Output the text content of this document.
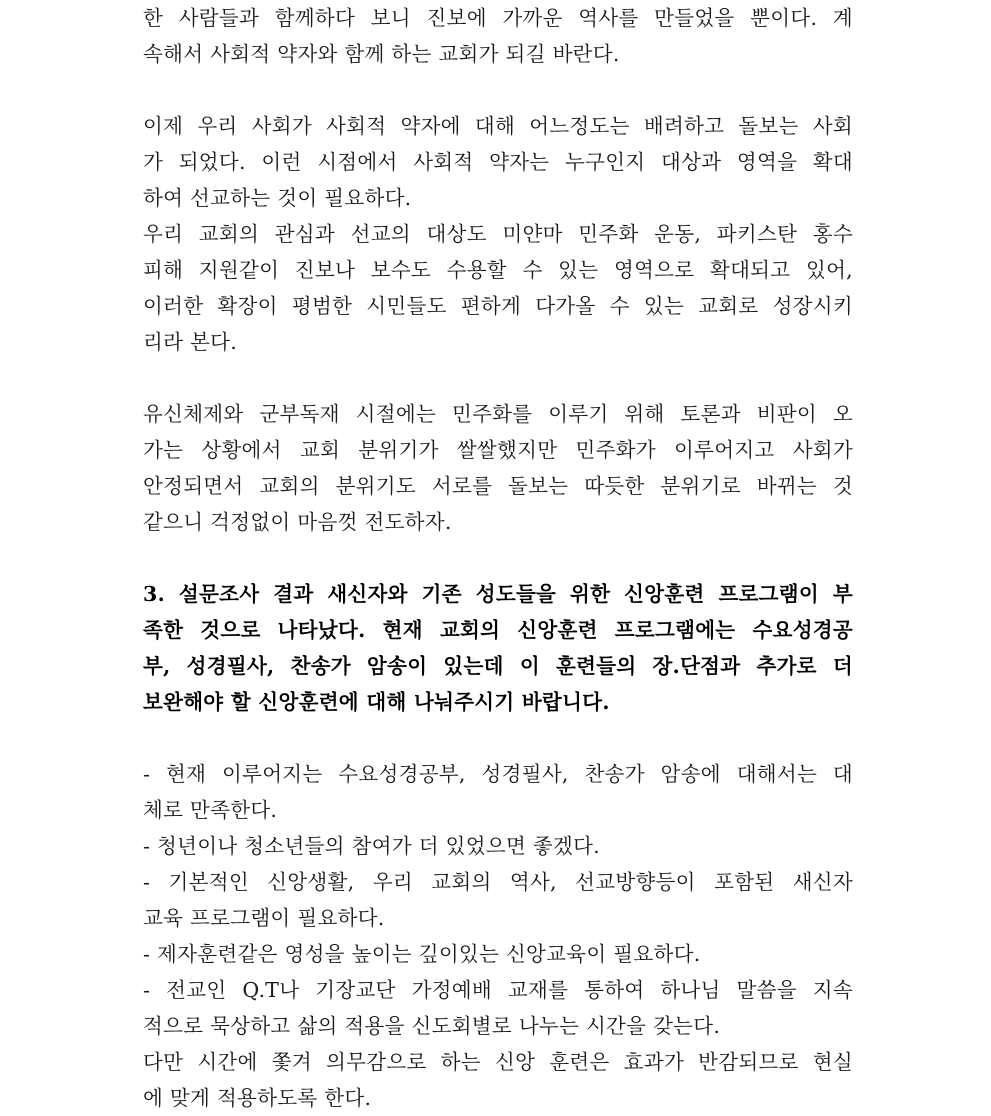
한 사람들과 함께하다 보니 진보에 가까운 역사를 만들었을 뿐이다. 계
속해서 사회적 약자와 함께 하는 교회가 되길 바란다.
이제 우리 사회가 사회적 약자에 대해 어느정도는 배려하고 돌보는 사회
가 되었다. 이런 시점에서 사회적 약자는 누구인지 대상과 영역을 확대
하여 선교하는 것이 필요하다.
우리 교회의 관심과 선교의 대상도 미얀마 민주화 운동, 파키스탄 홍수
피해 지원같이 진보나 보수도 수용할 수 있는 영역으로 확대되고 있어,
이러한 확장이 평범한 시민들도 편하게 다가올 수 있는 교회로 성장시키
리라 본다.
유신체제와 군부독재 시절에는 민주화를 이루기 위해 토론과 비판이 오
가는 상황에서 교회 분위기가 쌀쌀했지만 민주화가 이루어지고 사회가
안정되면서 교회의 분위기도 서로를 돌보는 따듯한 분위기로 바뀌는 것
같으니 걱정없이 마음껏 전도하자.
3. 설문조사 결과 새신자와 기존 성도들을 위한 신앙훈련 프로그램이 부
족한 것으로 나타났다. 현재 교회의 신앙훈련 프로그램에는 수요성경공
부, 성경필사, 찬송가 암송이 있는데 이 훈련들의 장.단점과 추가로 더
보완해야 할 신앙훈련에 대해 나눠주시기 바랍니다.
- 현재 이루어지는 수요성경공부, 성경필사, 찬송가 암송에 대해서는 대
체로 만족한다.
- 청년이나 청소년들의 참여가 더 있었으면 좋겠다.
- 기본적인 신앙생활, 우리 교회의 역사, 선교방향등이 포함된 새신자
교육 프로그램이 필요하다.
- 제자훈련같은 영성을 높이는 깊이있는 신앙교육이 필요하다.
- 전교인 Q.T나 기장교단 가정예배 교재를 통하여 하나님 말씀을 지속
적으로 묵상하고 삶의 적용을 신도회별로 나누는 시간을 갖는다.
다만 시간에 쫓겨 의무감으로 하는 신앙 훈련은 효과가 반감되므로 현실
에 맞게 적용하도록 한다.
